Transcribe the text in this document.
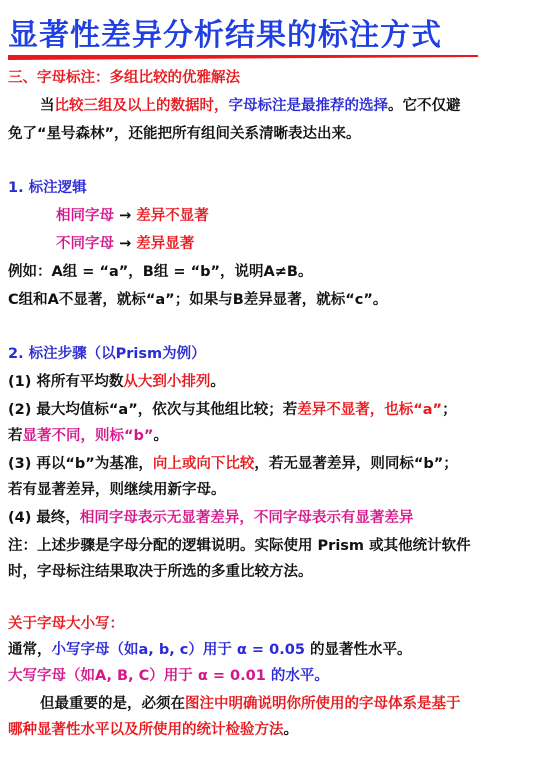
显著性差异分析结果的标注方式
三、字母标注：多组比较的优雅解法
当比较三组及以上的数据时，字母标注是最推荐的选择。它不仅避
免了“星号森林”，还能把所有组间关系清晰表达出来。
1. 标注逻辑
相同字母 → 差异不显著
不同字母 → 差异显著
例如：A组 = “a”，B组 = “b”，说明A≠B。
C组和A不显著，就标“a”；如果与B差异显著，就标“c”。
2. 标注步骤（以Prism为例）
(1) 将所有平均数从大到小排列。
(2) 最大均值标“a”，依次与其他组比较；若差异不显著，也标“a”；
若显著不同，则标“b”。
(3) 再以“b”为基准，向上或向下比较，若无显著差异，则同标“b”；
若有显著差异，则继续用新字母。
(4) 最终，相同字母表示无显著差异，不同字母表示有显著差异
注：上述步骤是字母分配的逻辑说明。实际使用 Prism 或其他统计软件
时，字母标注结果取决于所选的多重比较方法。
关于字母大小写：
通常，小写字母（如a, b, c）用于 α = 0.05 的显著性水平。
大写字母（如A, B, C）用于 α = 0.01 的水平。
但最重要的是，必须在图注中明确说明你所使用的字母体系是基于
哪种显著性水平以及所使用的统计检验方法。
